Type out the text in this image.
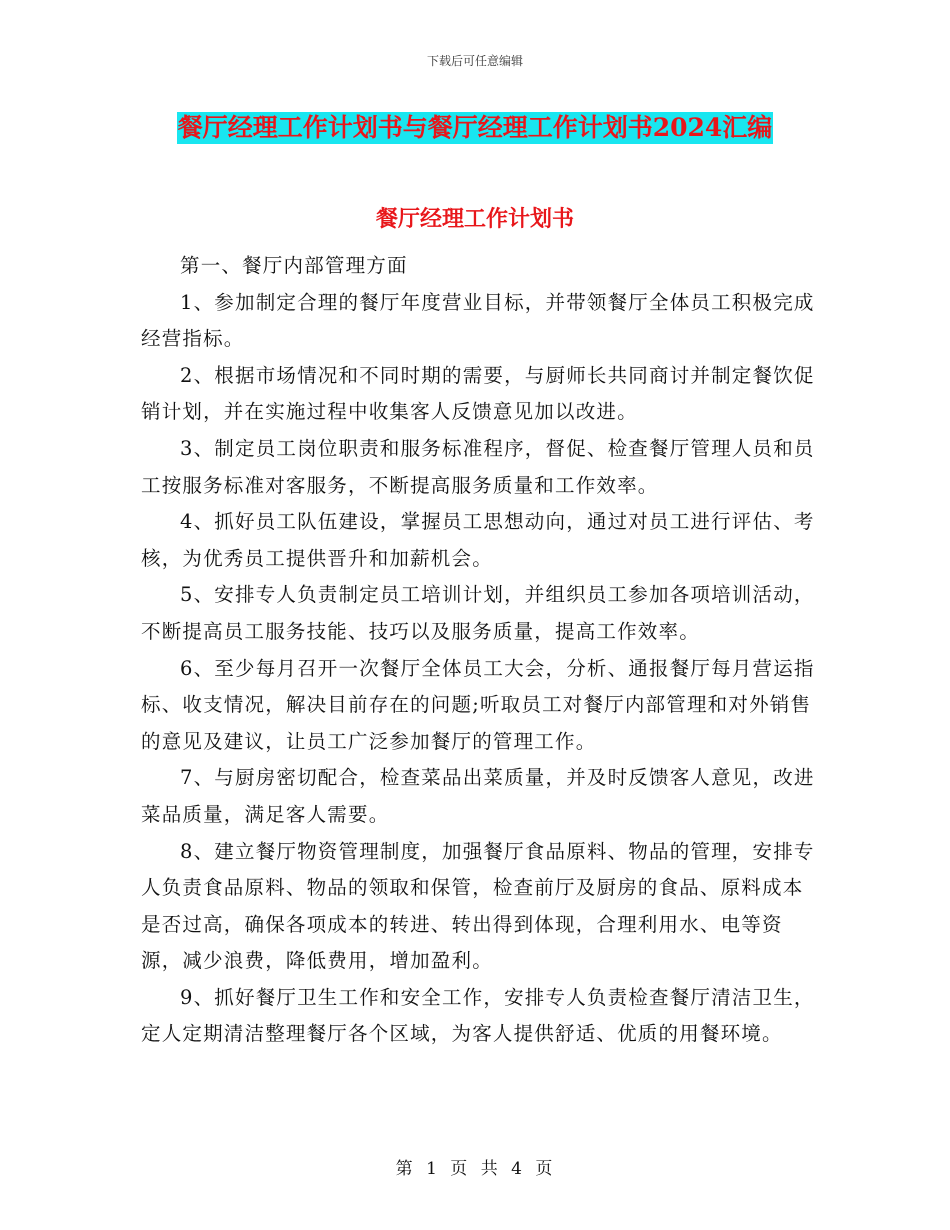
下载后可任意编辑
餐厅经理工作计划书与餐厅经理工作计划书2024汇编
餐厅经理工作计划书

第一、餐厅内部管理方面

1、参加制定合理的餐厅年度营业目标，并带领餐厅全体员工积极完成经营指标。

2、根据市场情况和不同时期的需要，与厨师长共同商讨并制定餐饮促销计划，并在实施过程中收集客人反馈意见加以改进。

3、制定员工岗位职责和服务标准程序，督促、检查餐厅管理人员和员工按服务标准对客服务，不断提高服务质量和工作效率。

4、抓好员工队伍建设，掌握员工思想动向，通过对员工进行评估、考核，为优秀员工提供晋升和加薪机会。

5、安排专人负责制定员工培训计划，并组织员工参加各项培训活动，不断提高员工服务技能、技巧以及服务质量，提高工作效率。

6、至少每月召开一次餐厅全体员工大会，分析、通报餐厅每月营运指标、收支情况，解决目前存在的问题;听取员工对餐厅内部管理和对外销售的意见及建议，让员工广泛参加餐厅的管理工作。

7、与厨房密切配合，检查菜品出菜质量，并及时反馈客人意见，改进菜品质量，满足客人需要。

8、建立餐厅物资管理制度，加强餐厅食品原料、物品的管理，安排专人负责食品原料、物品的领取和保管，检查前厅及厨房的食品、原料成本是否过高，确保各项成本的转进、转出得到体现，合理利用水、电等资源，减少浪费，降低费用，增加盈利。

9、抓好餐厅卫生工作和安全工作，安排专人负责检查餐厅清洁卫生，定人定期清洁整理餐厅各个区域，为客人提供舒适、优质的用餐环境。

第 1 页 共 4 页
